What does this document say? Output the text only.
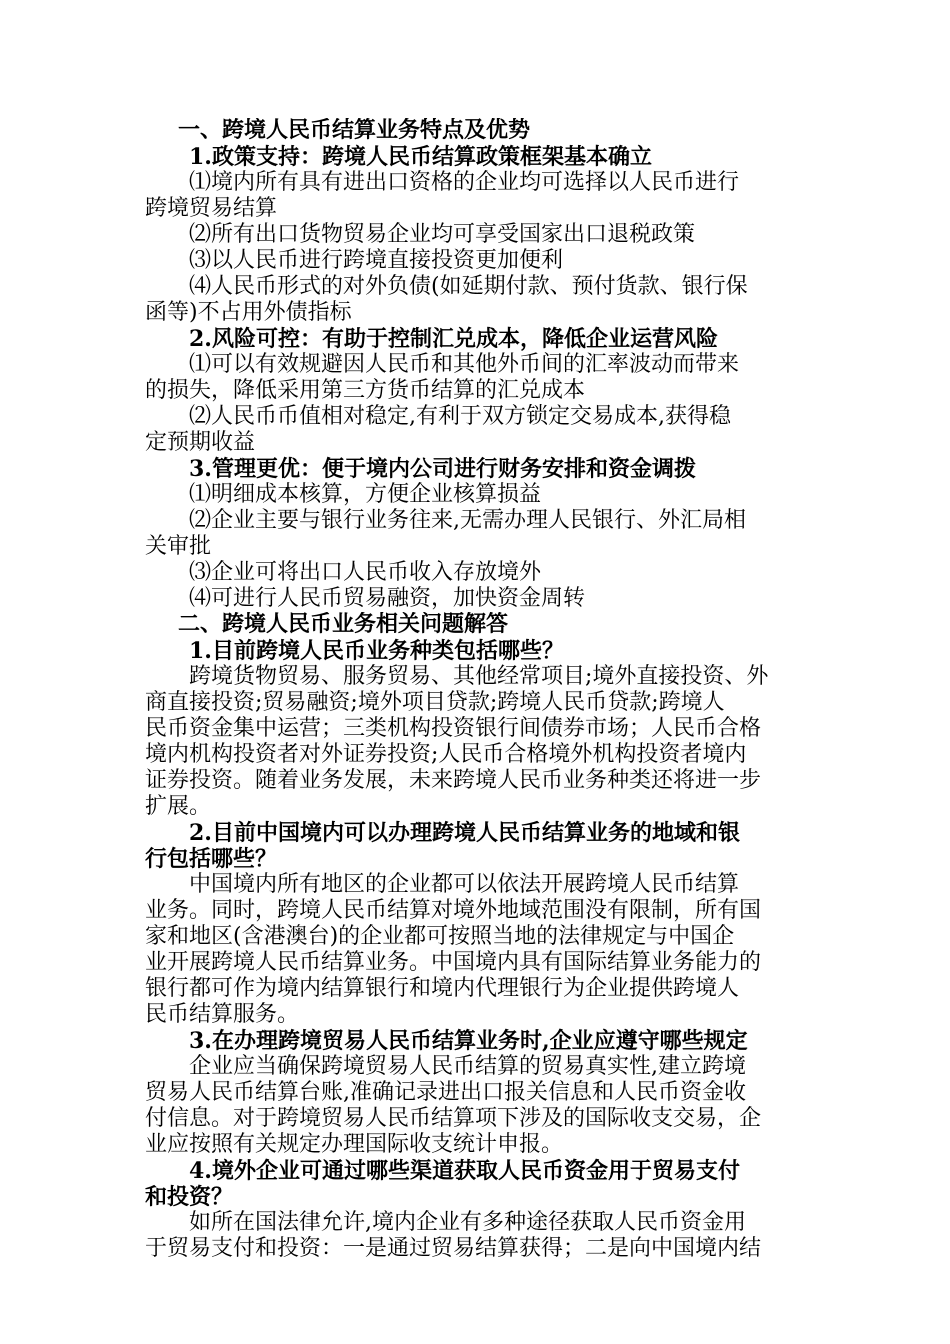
一、跨境人民币结算业务特点及优势
1.政策支持：跨境人民币结算政策框架基本确立
⑴境内所有具有进出口资格的企业均可选择以人民币进行
跨境贸易结算
⑵所有出口货物贸易企业均可享受国家出口退税政策
⑶以人民币进行跨境直接投资更加便利
⑷人民币形式的对外负债(如延期付款、预付货款、银行保
函等)不占用外债指标
2.风险可控：有助于控制汇兑成本，降低企业运营风险
⑴可以有效规避因人民币和其他外币间的汇率波动而带来
的损失，降低采用第三方货币结算的汇兑成本
⑵人民币币值相对稳定,有利于双方锁定交易成本,获得稳
定预期收益
3.管理更优：便于境内公司进行财务安排和资金调拨
⑴明细成本核算，方便企业核算损益
⑵企业主要与银行业务往来,无需办理人民银行、外汇局相
关审批
⑶企业可将出口人民币收入存放境外
⑷可进行人民币贸易融资，加快资金周转
二、跨境人民币业务相关问题解答
1.目前跨境人民币业务种类包括哪些？
跨境货物贸易、服务贸易、其他经常项目;境外直接投资、外
商直接投资;贸易融资;境外项目贷款;跨境人民币贷款;跨境人
民币资金集中运营；三类机构投资银行间债券市场；人民币合格
境内机构投资者对外证券投资;人民币合格境外机构投资者境内
证券投资。随着业务发展，未来跨境人民币业务种类还将进一步
扩展。
2.目前中国境内可以办理跨境人民币结算业务的地域和银
行包括哪些？
中国境内所有地区的企业都可以依法开展跨境人民币结算
业务。同时，跨境人民币结算对境外地域范围没有限制，所有国
家和地区(含港澳台)的企业都可按照当地的法律规定与中国企
业开展跨境人民币结算业务。中国境内具有国际结算业务能力的
银行都可作为境内结算银行和境内代理银行为企业提供跨境人
民币结算服务。
3.在办理跨境贸易人民币结算业务时,企业应遵守哪些规定
企业应当确保跨境贸易人民币结算的贸易真实性,建立跨境
贸易人民币结算台账,准确记录进出口报关信息和人民币资金收
付信息。对于跨境贸易人民币结算项下涉及的国际收支交易，企
业应按照有关规定办理国际收支统计申报。
4.境外企业可通过哪些渠道获取人民币资金用于贸易支付
和投资？
如所在国法律允许,境内企业有多种途径获取人民币资金用
于贸易支付和投资：一是通过贸易结算获得；二是向中国境内结
